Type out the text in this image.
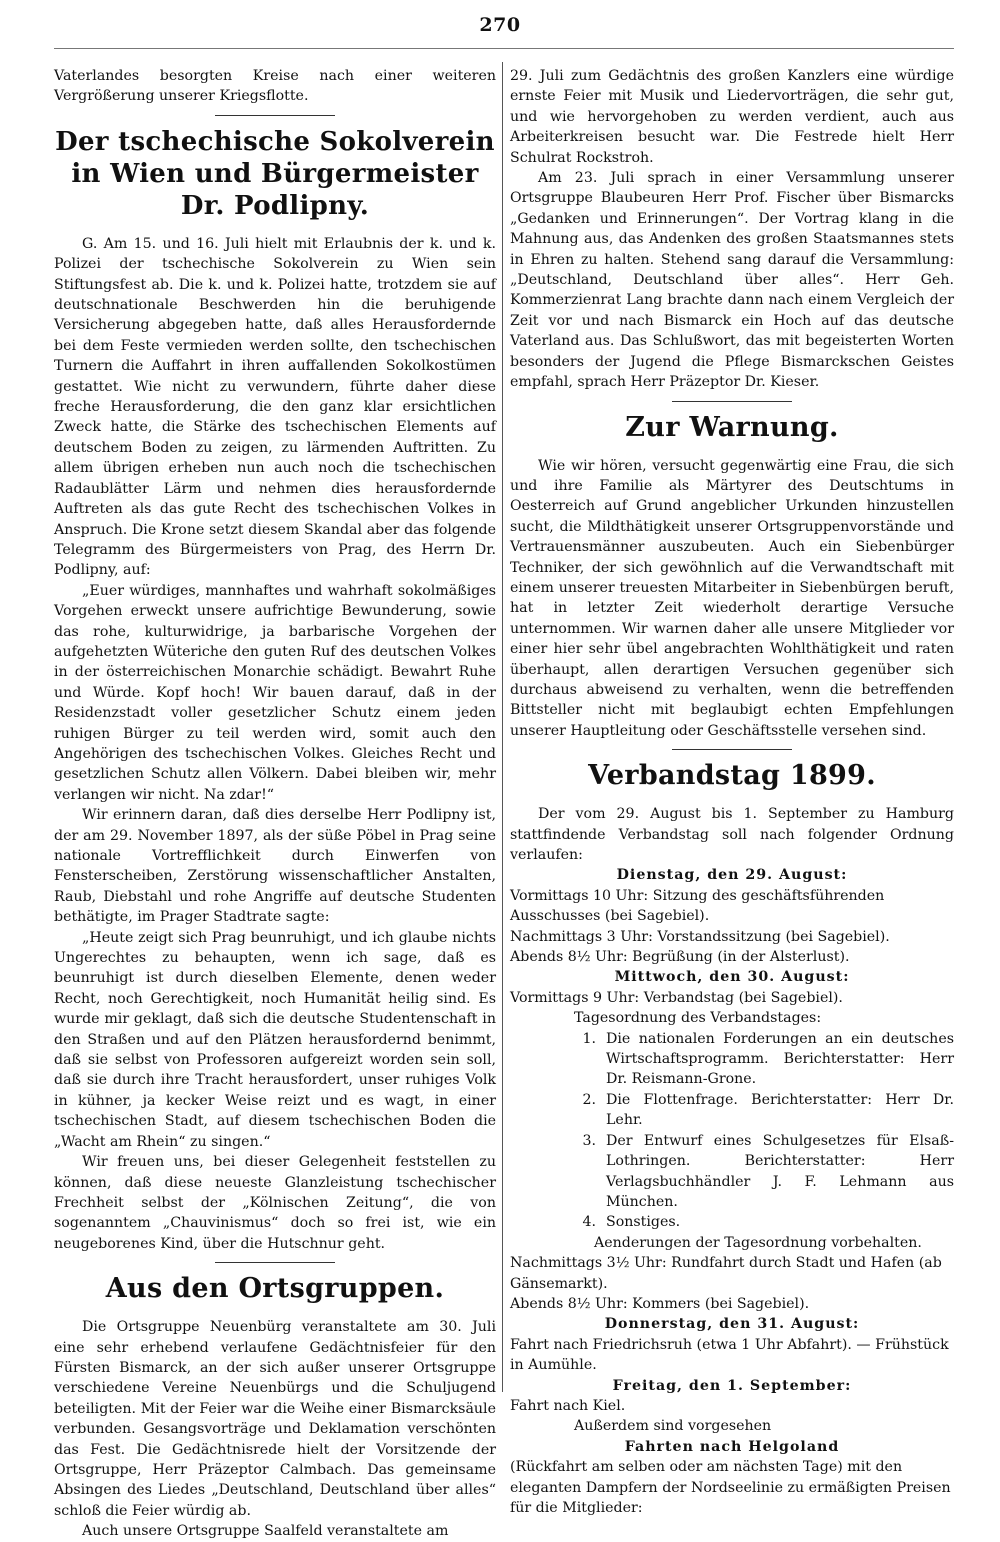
270

Vaterlandes besorgten Kreise nach einer weiteren Vergrößerung unserer Kriegsflotte.

Der tschechische Sokolverein in Wien und Bürgermeister Dr. Podlipny.

G. Am 15. und 16. Juli hielt mit Erlaubnis der k. und k. Polizei der tschechische Sokolverein zu Wien sein Stiftungsfest ab. Die k. und k. Polizei hatte, trotzdem sie auf deutschnationale Beschwerden hin die beruhigende Versicherung abgegeben hatte, daß alles Herausfordernde bei dem Feste vermieden werden sollte, den tschechischen Turnern die Auffahrt in ihren auffallenden Sokolkostümen gestattet. Wie nicht zu verwundern, führte daher diese freche Herausforderung, die den ganz klar ersichtlichen Zweck hatte, die Stärke des tschechischen Elements auf deutschem Boden zu zeigen, zu lärmenden Auftritten. Zu allem übrigen erheben nun auch noch die tschechischen Radaublätter Lärm und nehmen dies herausfordernde Auftreten als das gute Recht des tschechischen Volkes in Anspruch. Die Krone setzt diesem Skandal aber das folgende Telegramm des Bürgermeisters von Prag, des Herrn Dr. Podlipny, auf:

„Euer würdiges, mannhaftes und wahrhaft sokolmäßiges Vorgehen erweckt unsere aufrichtige Bewunderung, sowie das rohe, kulturwidrige, ja barbarische Vorgehen der aufgehetzten Wüteriche den guten Ruf des deutschen Volkes in der österreichischen Monarchie schädigt. Bewahrt Ruhe und Würde. Kopf hoch! Wir bauen darauf, daß in der Residenzstadt voller gesetzlicher Schutz einem jeden ruhigen Bürger zu teil werden wird, somit auch den Angehörigen des tschechischen Volkes. Gleiches Recht und gesetzlichen Schutz allen Völkern. Dabei bleiben wir, mehr verlangen wir nicht. Na zdar!“

Wir erinnern daran, daß dies derselbe Herr Podlipny ist, der am 29. November 1897, als der süße Pöbel in Prag seine nationale Vortrefflichkeit durch Einwerfen von Fensterscheiben, Zerstörung wissenschaftlicher Anstalten, Raub, Diebstahl und rohe Angriffe auf deutsche Studenten bethätigte, im Prager Stadtrate sagte:

„Heute zeigt sich Prag beunruhigt, und ich glaube nichts Ungerechtes zu behaupten, wenn ich sage, daß es beunruhigt ist durch dieselben Elemente, denen weder Recht, noch Gerechtigkeit, noch Humanität heilig sind. Es wurde mir geklagt, daß sich die deutsche Studentenschaft in den Straßen und auf den Plätzen herausfordernd benimmt, daß sie selbst von Professoren aufgereizt worden sein soll, daß sie durch ihre Tracht herausfordert, unser ruhiges Volk in kühner, ja kecker Weise reizt und es wagt, in einer tschechischen Stadt, auf diesem tschechischen Boden die „Wacht am Rhein“ zu singen.“

Wir freuen uns, bei dieser Gelegenheit feststellen zu können, daß diese neueste Glanzleistung tschechischer Frechheit selbst der „Kölnischen Zeitung“, die von sogenanntem „Chauvinismus“ doch so frei ist, wie ein neugeborenes Kind, über die Hutschnur geht.

Aus den Ortsgruppen.

Die Ortsgruppe Neuenbürg veranstaltete am 30. Juli eine sehr erhebend verlaufene Gedächtnisfeier für den Fürsten Bismarck, an der sich außer unserer Ortsgruppe verschiedene Vereine Neuenbürgs und die Schuljugend beteiligten. Mit der Feier war die Weihe einer Bismarcksäule verbunden. Gesangsvorträge und Deklamation verschönten das Fest. Die Gedächtnisrede hielt der Vorsitzende der Ortsgruppe, Herr Präzeptor Calmbach. Das gemeinsame Absingen des Liedes „Deutschland, Deutschland über alles“ schloß die Feier würdig ab.

Auch unsere Ortsgruppe Saalfeld veranstaltete am

29. Juli zum Gedächtnis des großen Kanzlers eine würdige ernste Feier mit Musik und Liedervorträgen, die sehr gut, und wie hervorgehoben zu werden verdient, auch aus Arbeiterkreisen besucht war. Die Festrede hielt Herr Schulrat Rockstroh.

Am 23. Juli sprach in einer Versammlung unserer Ortsgruppe Blaubeuren Herr Prof. Fischer über Bismarcks „Gedanken und Erinnerungen“. Der Vortrag klang in die Mahnung aus, das Andenken des großen Staatsmannes stets in Ehren zu halten. Stehend sang darauf die Versammlung: „Deutschland, Deutschland über alles“. Herr Geh. Kommerzienrat Lang brachte dann nach einem Vergleich der Zeit vor und nach Bismarck ein Hoch auf das deutsche Vaterland aus. Das Schlußwort, das mit begeisterten Worten besonders der Jugend die Pflege Bismarckschen Geistes empfahl, sprach Herr Präzeptor Dr. Kieser.

Zur Warnung.

Wie wir hören, versucht gegenwärtig eine Frau, die sich und ihre Familie als Märtyrer des Deutschtums in Oesterreich auf Grund angeblicher Urkunden hinzustellen sucht, die Mildthätigkeit unserer Ortsgruppenvorstände und Vertrauensmänner auszubeuten. Auch ein Siebenbürger Techniker, der sich gewöhnlich auf die Verwandtschaft mit einem unserer treuesten Mitarbeiter in Siebenbürgen beruft, hat in letzter Zeit wiederholt derartige Versuche unternommen. Wir warnen daher alle unsere Mitglieder vor einer hier sehr übel angebrachten Wohlthätigkeit und raten überhaupt, allen derartigen Versuchen gegenüber sich durchaus abweisend zu verhalten, wenn die betreffenden Bittsteller nicht mit beglaubigt echten Empfehlungen unserer Hauptleitung oder Geschäftsstelle versehen sind.

Verbandstag 1899.

Der vom 29. August bis 1. September zu Hamburg stattfindende Verbandstag soll nach folgender Ordnung verlaufen:

Dienstag, den 29. August:
Vormittags 10 Uhr: Sitzung des geschäftsführenden Ausschusses (bei Sagebiel).
Nachmittags 3 Uhr: Vorstandssitzung (bei Sagebiel).
Abends 8½ Uhr: Begrüßung (in der Alsterlust).
Mittwoch, den 30. August:
Vormittags 9 Uhr: Verbandstag (bei Sagebiel).
Tagesordnung des Verbandstages:
1. Die nationalen Forderungen an ein deutsches Wirtschaftsprogramm. Berichterstatter: Herr Dr. Reismann-Grone.
2. Die Flottenfrage. Berichterstatter: Herr Dr. Lehr.
3. Der Entwurf eines Schulgesetzes für Elsaß-Lothringen. Berichterstatter: Herr Verlagsbuchhändler J. F. Lehmann aus München.
4. Sonstiges.
Aenderungen der Tagesordnung vorbehalten.
Nachmittags 3½ Uhr: Rundfahrt durch Stadt und Hafen (ab Gänsemarkt).
Abends 8½ Uhr: Kommers (bei Sagebiel).
Donnerstag, den 31. August:
Fahrt nach Friedrichsruh (etwa 1 Uhr Abfahrt). — Frühstück in Aumühle.
Freitag, den 1. September:
Fahrt nach Kiel.
Außerdem sind vorgesehen
Fahrten nach Helgoland
(Rückfahrt am selben oder am nächsten Tage) mit den eleganten Dampfern der Nordseelinie zu ermäßigten Preisen für die Mitglieder:
